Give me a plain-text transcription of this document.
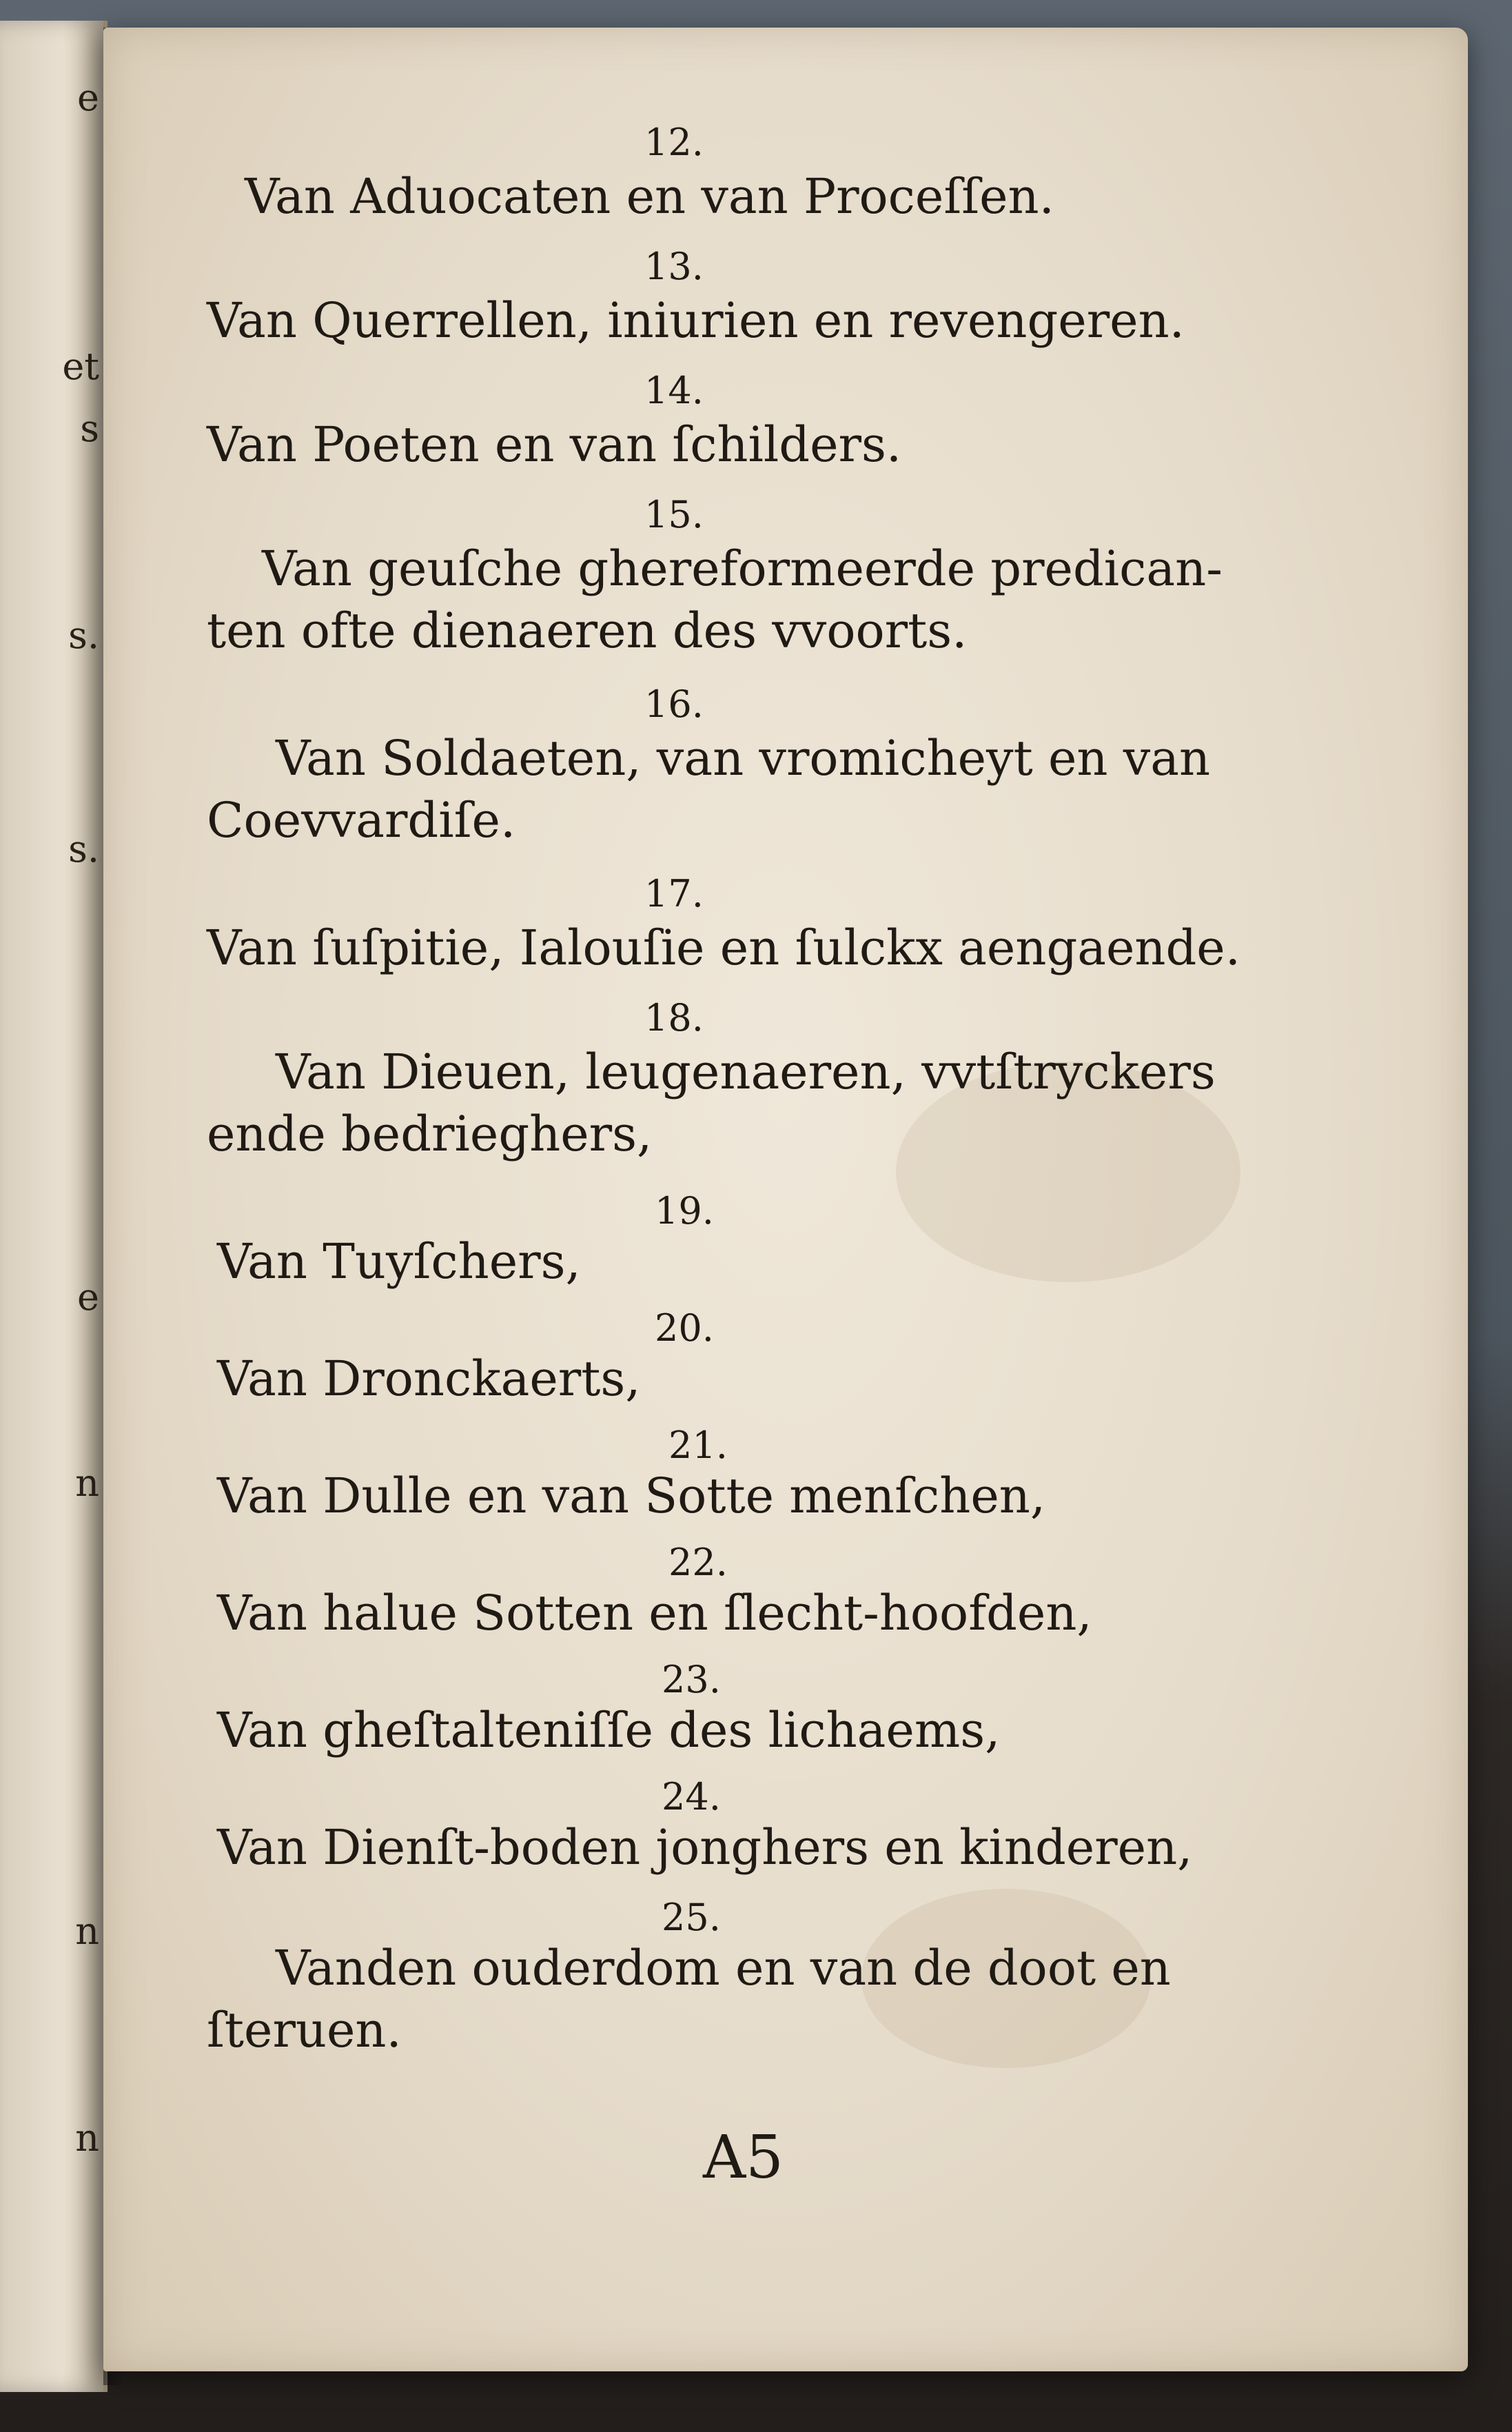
e
et
s
s.
s.
e
n
n
n
12.
Van Aduocaten en van Proceſſen.
13.
Van Querrellen, iniurien en revengeren.
14.
Van Poeten en van ſchilders.
15.
Van geuſche ghereformeerde predican-
ten ofte dienaeren des vvoorts.
16.
Van Soldaeten, van vromicheyt en van
Coevvardiſe.
17.
Van ſuſpitie, Ialouſie en ſulckx aengaende.
18.
Van Dieuen, leugenaeren, vvtſtryckers
ende bedrieghers,
19.
Van Tuyſchers,
20.
Van Dronckaerts,
21.
Van Dulle en van Sotte menſchen,
22.
Van halue Sotten en ſlecht-hoofden,
23.
Van gheſtalteniſſe des lichaems,
24.
Van Dienſt-boden jonghers en kinderen,
25.
Vanden ouderdom en van de doot en
ſteruen.
A5
